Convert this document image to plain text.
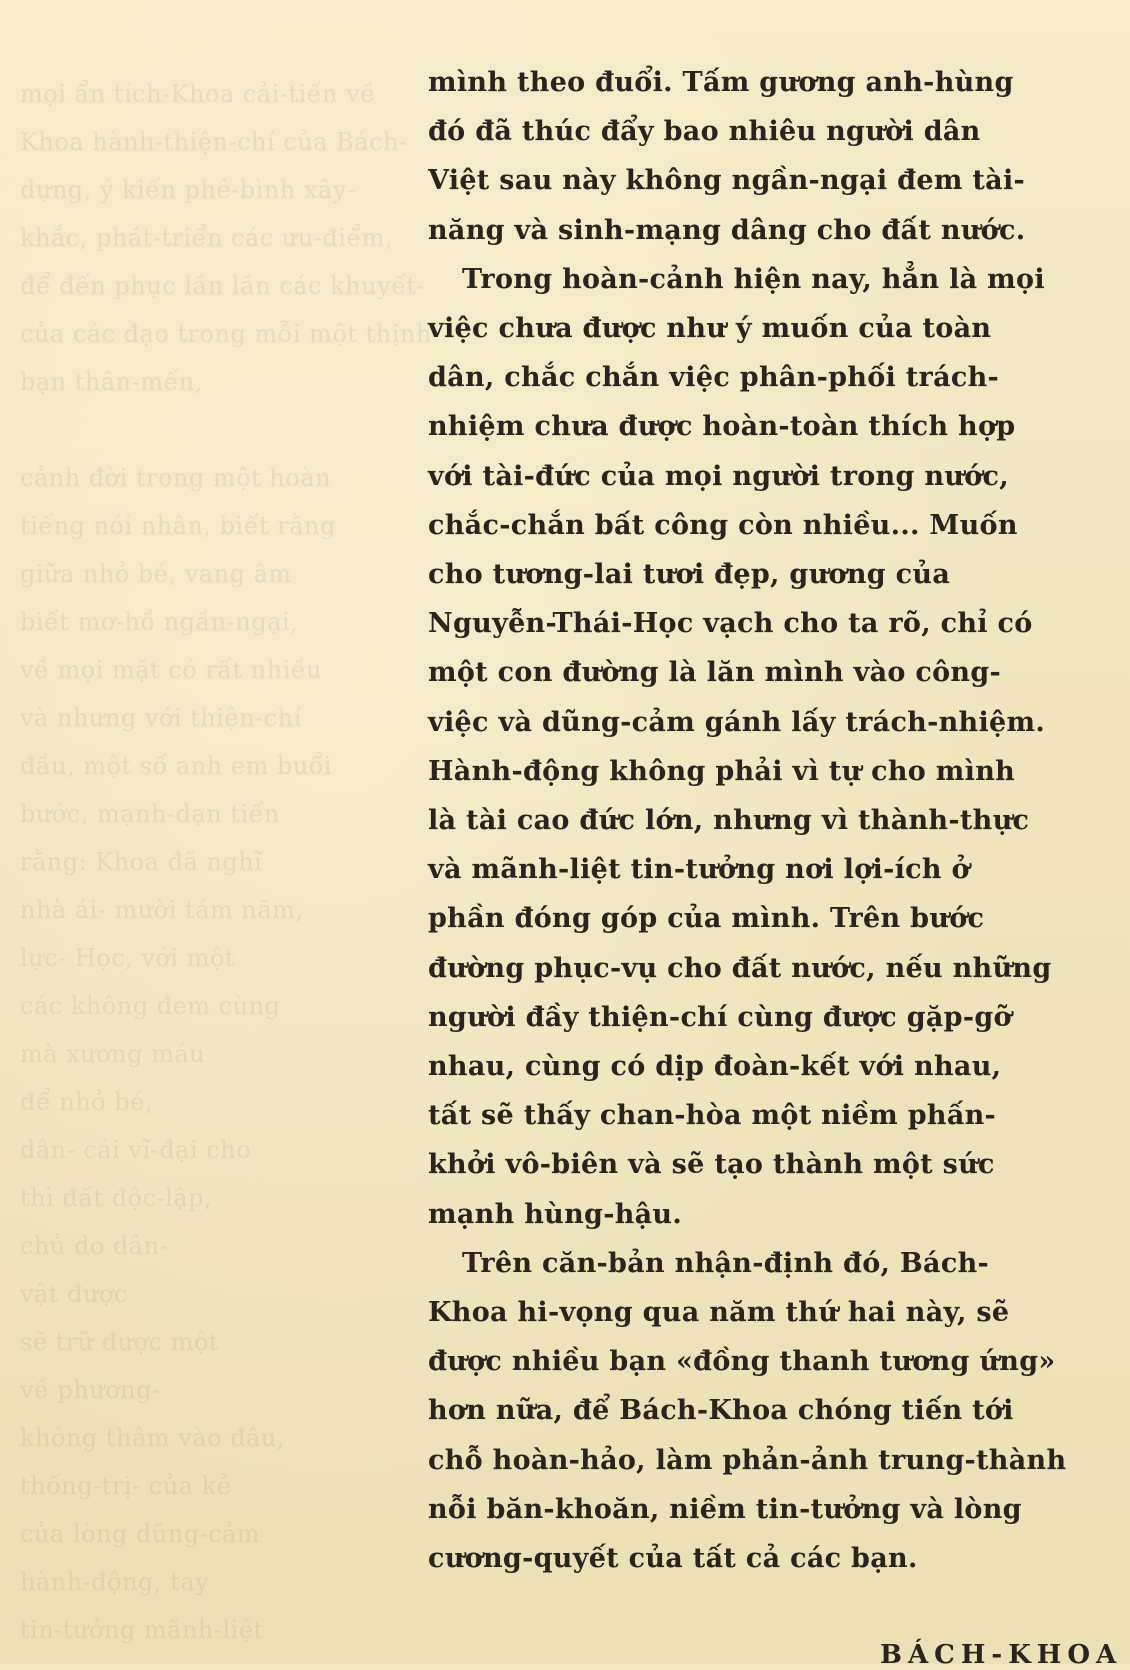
mọi ẩn tích-Khoa cải-tiến về
Khoa hành-thiện-chí của Bách-
dựng, ý kiến phê-bình xây-
khắc, phát-triển các ưu-điểm,
để đến phục lần lần các khuyết-
của các đạo trong mỗi một thịnh
bạn thân-mến,

cảnh đời trong một hoàn
tiếng nói nhân, biết rằng
giữa nhỏ bé, vang âm
biết mơ-hồ ngần-ngại,
về mọi mặt có rất nhiều
và nhưng với thiện-chí
đầu, một số anh em buổi
bước, mạnh-dạn tiến
rằng: Khoa đã nghĩ
nhà ái- mười tám năm,
lực- Học, với một
các không đem cùng
mà xương máu
để nhỏ bé,
dân- cái vĩ-đại cho
thì đất độc-lập,
chủ do dân-
vật được
sẽ trữ được một
về phương-
không thâm vào đâu,
thống-trị- của kẻ
của lòng dũng-cảm
hành-động, tay
tin-tưởng mãnh-liệt

mình theo đuổi. Tấm gương anh-hùng
đó đã thúc đẩy bao nhiêu người dân
Việt sau này không ngần-ngại đem tài-
năng và sinh-mạng dâng cho đất nước.

Trong hoàn-cảnh hiện nay, hẳn là mọi
việc chưa được như ý muốn của toàn
dân, chắc chắn việc phân-phối trách-
nhiệm chưa được hoàn-toàn thích hợp
với tài-đức của mọi người trong nước,
chắc-chắn bất công còn nhiều... Muốn
cho tương-lai tươi đẹp, gương của
Nguyễn-Thái-Học vạch cho ta rõ, chỉ có
một con đường là lăn mình vào công-
việc và dũng-cảm gánh lấy trách-nhiệm.
Hành-động không phải vì tự cho mình
là tài cao đức lớn, nhưng vì thành-thực
và mãnh-liệt tin-tưởng nơi lợi-ích ở
phần đóng góp của mình. Trên bước
đường phục-vụ cho đất nước, nếu những
người đầy thiện-chí cùng được gặp-gỡ
nhau, cùng có dịp đoàn-kết với nhau,
tất sẽ thấy chan-hòa một niềm phấn-
khởi vô-biên và sẽ tạo thành một sức
mạnh hùng-hậu.

Trên căn-bản nhận-định đó, Bách-
Khoa hi-vọng qua năm thứ hai này, sẽ
được nhiều bạn «đồng thanh tương ứng»
hơn nữa, để Bách-Khoa chóng tiến tới
chỗ hoàn-hảo, làm phản-ảnh trung-thành
nỗi băn-khoăn, niềm tin-tưởng và lòng
cương-quyết của tất cả các bạn.

BÁCH-KHOA
